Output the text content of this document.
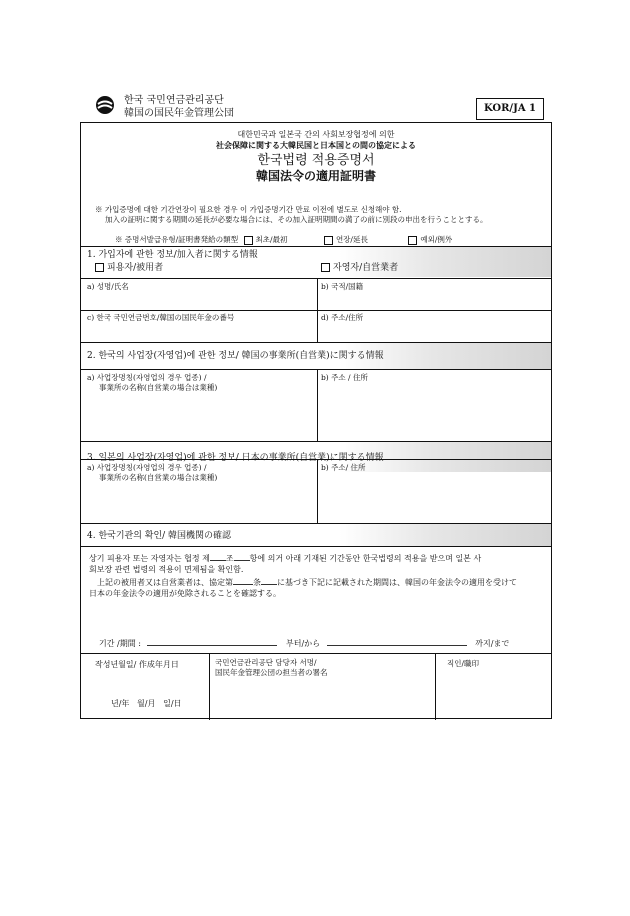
한국 국민연금관리공단
韓国の国民年金管理公団	KOR/JA 1
대한민국과 일본국 간의 사회보장협정에 의한
社会保障に関する大韓民国と日本国との間の協定による
한국법령 적용증명서
韓国法令の適用証明書
※ 가입증명에 대한 기간연장이 필요한 경우 이 가입증명기간 만료 이전에 별도로 신청해야 함.
加入の証明に関する期間の延長が必要な場合には、その加入証明期間の満了の前に別段の申出を行うこととする。
※ 증명서발급유형/証明書発給の類型 최초/最初	연장/延長	예외/例外
1. 가입자에 관한 정보/加入者に関する情報
피용자/被用者	자영자/自営業者
a) 성명/氏名	b) 국적/国籍
c) 한국 국민연금번호/韓国の国民年金の番号	d) 주소/住所
2. 한국의 사업장(자영업)에 관한 정보/ 韓国の事業所(自営業)に関する情報
a) 사업장명칭(자영업의 경우 업종) /
事業所の名称(自営業の場合は業種)
b) 주소 / 住所
3. 일본의 사업장(자영업)에 관한 정보/ 日本の事業所(自営業)に関する情報
a) 사업장명칭(자영업의 경우 업종) /
事業所の名称(自営業の場合は業種)
b) 주소/ 住所
4. 한국기관의 확인/ 韓国機関の確認
상기 피용자 또는 자영자는 협정 제 조 항에 의거 아래 기재된 기간동안 한국법령의 적용을 받으며 일본 사
회보장 관련 법령의 적용이 면제됨을 확인함.
上記の被用者又は自営業者は、協定第	条 に基づき下記に記載された期間は、韓国の年金法令の適用を受けて
日本の年金法令の適用が免除されることを確認する。
기간 /期間 :	부터/から	까지/まで
작성년월일/ 作成年月日
년/年   월/月   일/日
국민연금관리공단 담당자 서명/
国民年金管理公団の担当者の署名
직인/職印
